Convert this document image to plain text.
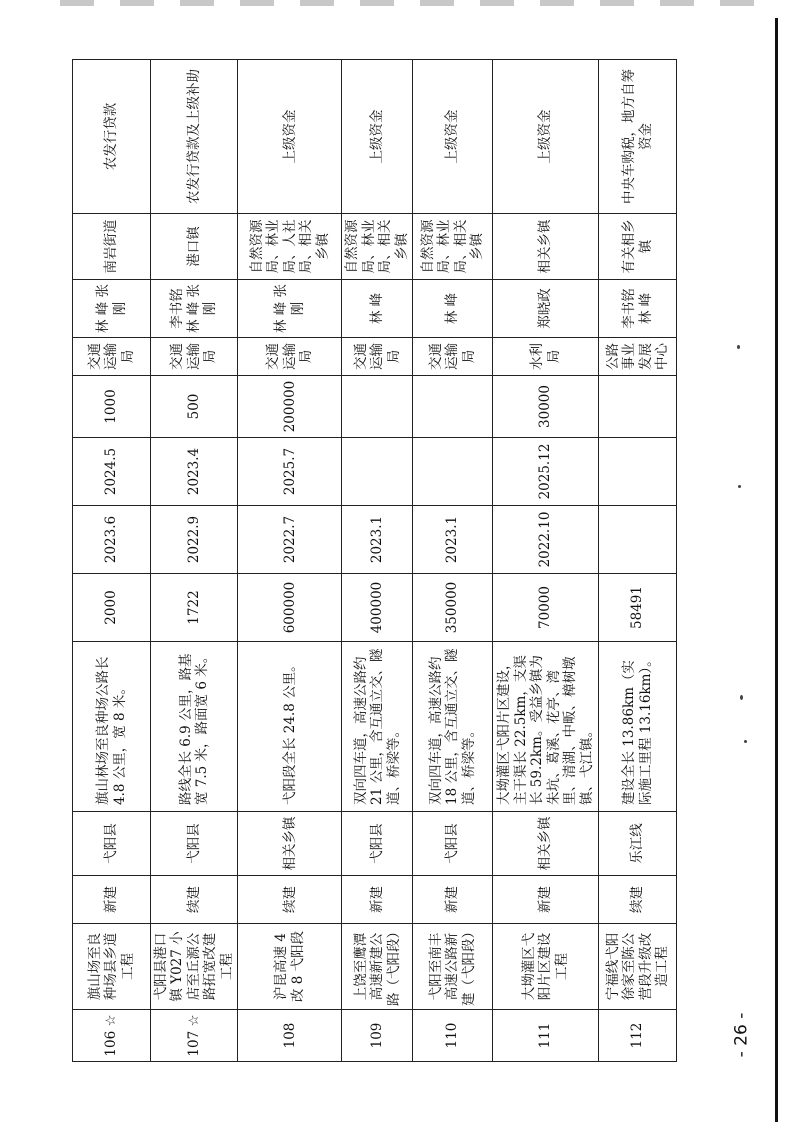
106 ☆	旗山场至良种场县乡道工程	新建	弋阳县	旗山林场至良种场公路长 4.8 公里，宽 8 米。	2000	2023.6	2024.5	1000	交通运输局	林 峰 张 刚	南岩街道	农发行贷款
107 ☆	弋阳县港口镇 Y027 小店至丘源公路拓宽改建工程	续建	弋阳县	路线全长 6.9 公里，路基宽 7.5 米，路面宽 6 米。	1722	2022.9	2023.4	500	交通运输局	李书铭 林 峰 张 刚	港口镇	农发行贷款及上级补助
108	沪昆高速 4 改 8 弋阳段	续建	相关乡镇	弋阳段全长 24.8 公里。	600000	2022.7	2025.7	200000	交通运输局	林 峰 张 刚	自然资源局、林业局、人社局、相关乡镇	上级资金
109	上饶至鹰潭高速新建公路（弋阳段）	新建	弋阳县	双向四车道，高速公路约 21 公里，含互通立交、隧道、桥梁等。	400000	2023.1			交通运输局	林 峰	自然资源局、林业局、相关乡镇	上级资金
110	弋阳至南丰高速公路新建（弋阳段）	新建	弋阳县	双向四车道，高速公路约 18 公里，含互通立交、隧道、桥梁等。	350000	2023.1			交通运输局	林 峰	自然资源局、林业局、相关乡镇	上级资金
111	大坳灌区弋阳片区建设工程	新建	相关乡镇	大坳灌区弋阳片区建设，主干渠长 22.5km，支渠长 59.2km。受益乡镇为朱坑、葛溪、花亭、湾里、清湖、中畈、樟树墩镇、弋江镇。	70000	2022.10	2025.12	30000	水利局	郑晓政	相关乡镇	上级资金
112	宁福线弋阳徐家至陈公营段升级改造工程	续建	乐江线	建设全长 13.86km（实际施工里程 13.16km）。	58491				公路事业发展中心	李书铭 林 峰	有关相乡镇	中央车购税，地方自筹资金
- 26 -
